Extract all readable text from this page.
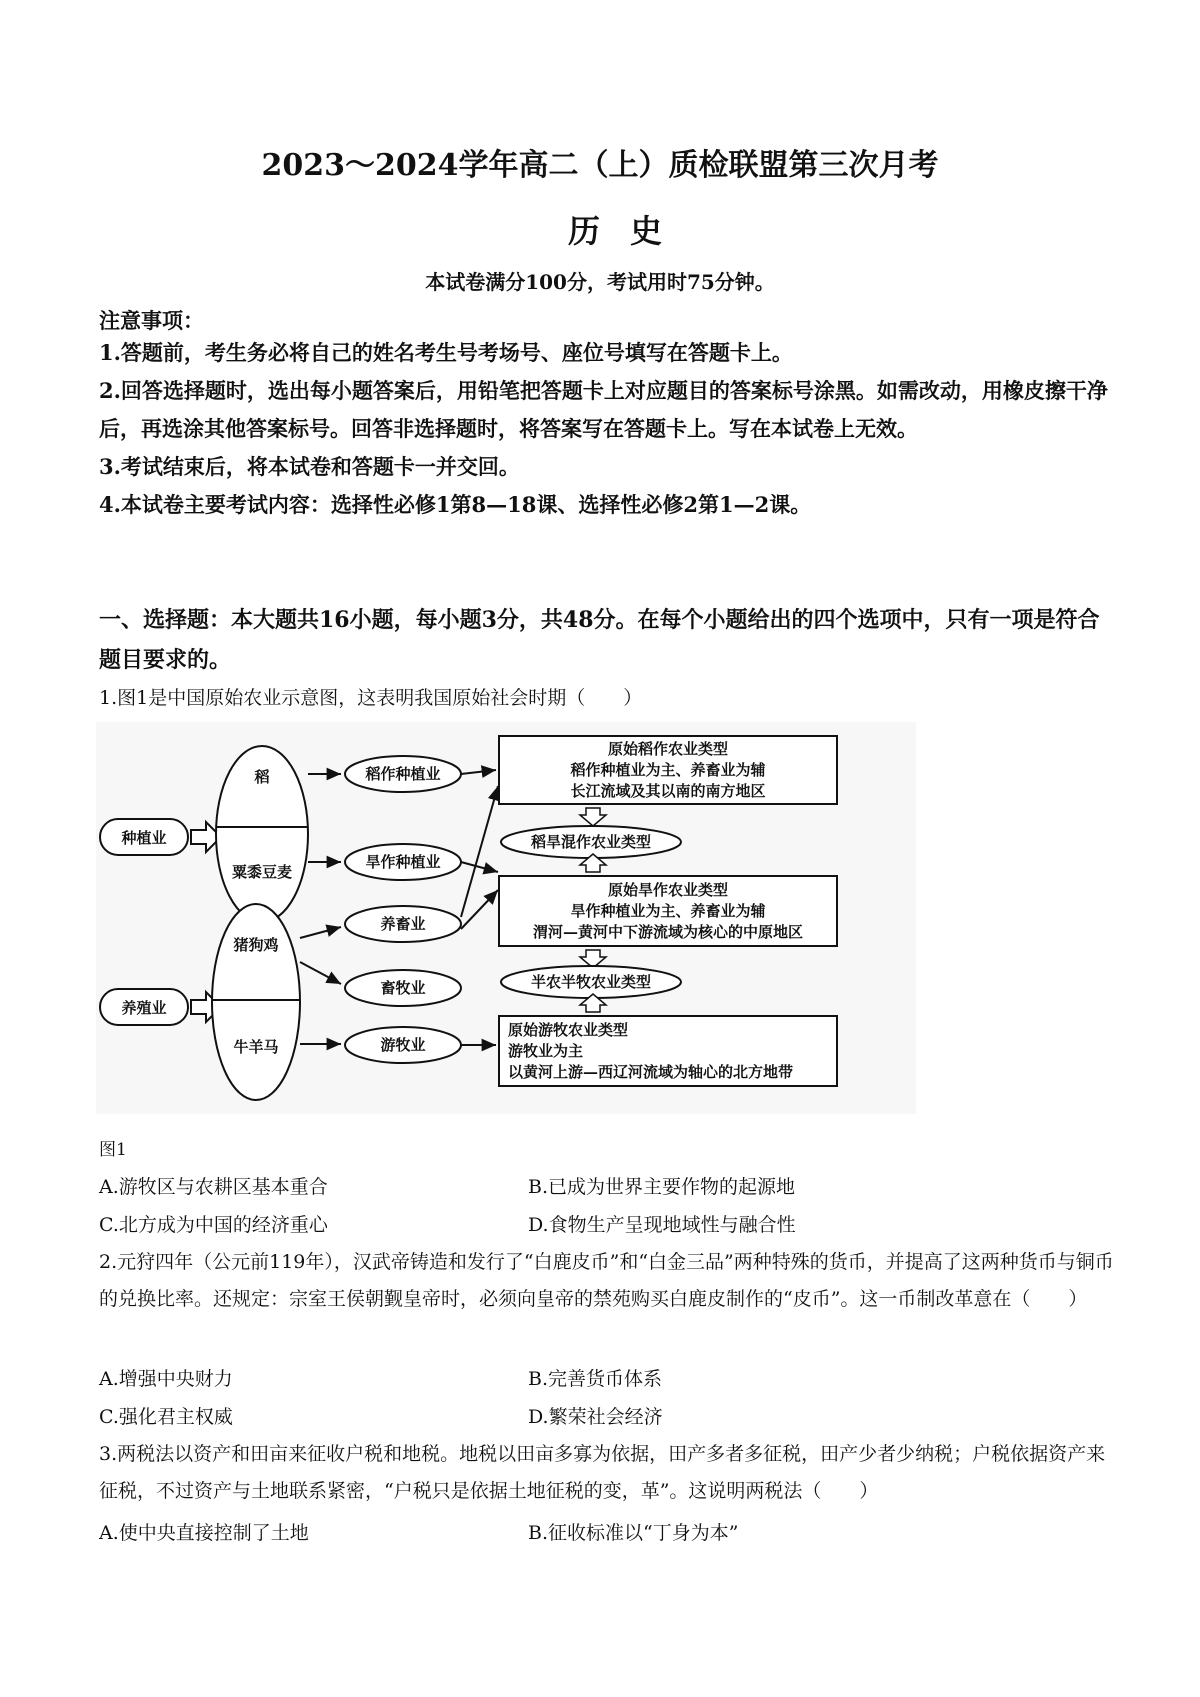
2023～2024学年高二（上）质检联盟第三次月考
历史
本试卷满分100分，考试用时75分钟。
注意事项：

1.答题前，考生务必将自己的姓名考生号考场号、座位号填写在答题卡上。

2.回答选择题时，选出每小题答案后，用铅笔把答题卡上对应题目的答案标号涂黑。如需改动，用橡皮擦干净后，再选涂其他答案标号。回答非选择题时，将答案写在答题卡上。写在本试卷上无效。

3.考试结束后，将本试卷和答题卡一并交回。

4.本试卷主要考试内容：选择性必修1第8—18课、选择性必修2第1—2课。

一、选择题：本大题共16小题，每小题3分，共48分。在每个小题给出的四个选项中，只有一项是符合题目要求的。
1.图1是中国原始农业示意图，这表明我国原始社会时期（　　）
种植业
养殖业
稻
粟黍豆麦
猪狗鸡
牛羊马
稻作种植业
旱作种植业
养畜业
畜牧业
游牧业
原始稻作农业类型
稻作种植业为主、养畜业为辅
长江流域及其以南的南方地区
稻旱混作农业类型
原始旱作农业类型
旱作种植业为主、养畜业为辅
渭河—黄河中下游流域为核心的中原地区
半农半牧农业类型
原始游牧农业类型
游牧业为主
以黄河上游—西辽河流域为轴心的北方地带
图1
A.游牧区与农耕区基本重合	B.已成为世界主要作物的起源地
C.北方成为中国的经济重心	D.食物生产呈现地域性与融合性
2.元狩四年（公元前119年），汉武帝铸造和发行了“白鹿皮币”和“白金三品”两种特殊的货币，并提高了这两种货币与铜币的兑换比率。还规定：宗室王侯朝觐皇帝时，必须向皇帝的禁苑购买白鹿皮制作的“皮币”。这一币制改革意在（　　）
A.增强中央财力	B.完善货币体系
C.强化君主权威	D.繁荣社会经济
3.两税法以资产和田亩来征收户税和地税。地税以田亩多寡为依据，田产多者多征税，田产少者少纳税；户税依据资产来征税，不过资产与土地联系紧密，“户税只是依据土地征税的变，革”。这说明两税法（　　）
A.使中央直接控制了土地	B.征收标准以“丁身为本”
